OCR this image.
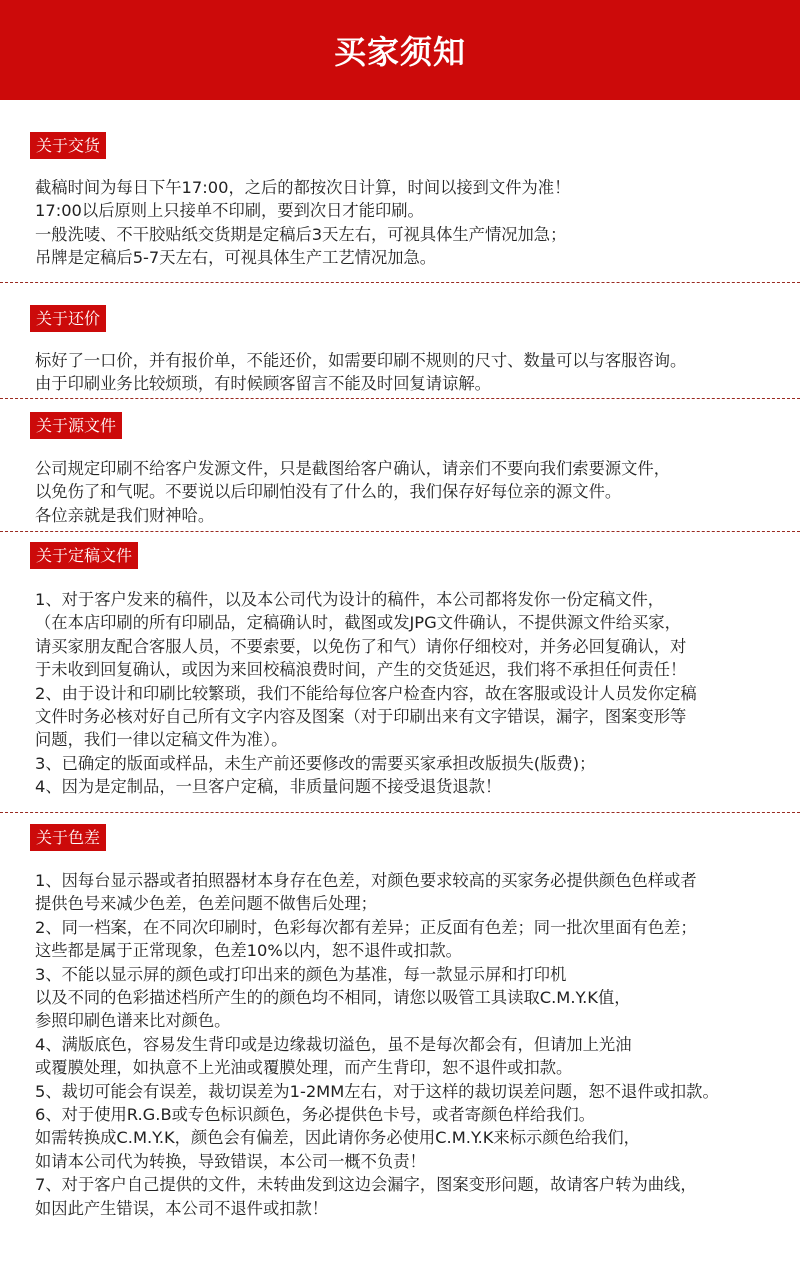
买家须知
关于交货
截稿时间为每日下午17:00，之后的都按次日计算，时间以接到文件为准！
17:00以后原则上只接单不印刷，要到次日才能印刷。
一般洗唛、不干胶贴纸交货期是定稿后3天左右，可视具体生产情况加急；
吊牌是定稿后5-7天左右，可视具体生产工艺情况加急。
关于还价
标好了一口价，并有报价单，不能还价，如需要印刷不规则的尺寸、数量可以与客服咨询。
由于印刷业务比较烦琐，有时候顾客留言不能及时回复请谅解。
关于源文件
公司规定印刷不给客户发源文件，只是截图给客户确认，请亲们不要向我们索要源文件，
以免伤了和气呢。不要说以后印刷怕没有了什么的，我们保存好每位亲的源文件。
各位亲就是我们财神哈。
关于定稿文件
1、对于客户发来的稿件，以及本公司代为设计的稿件，本公司都将发你一份定稿文件，
（在本店印刷的所有印刷品，定稿确认时，截图或发JPG文件确认，不提供源文件给买家，
请买家朋友配合客服人员，不要索要，以免伤了和气）请你仔细校对，并务必回复确认，对
于未收到回复确认，或因为来回校稿浪费时间，产生的交货延迟，我们将不承担任何责任！
2、由于设计和印刷比较繁琐，我们不能给每位客户检查内容，故在客服或设计人员发你定稿
文件时务必核对好自己所有文字内容及图案（对于印刷出来有文字错误，漏字，图案变形等
问题，我们一律以定稿文件为准）。
3、已确定的版面或样品，未生产前还要修改的需要买家承担改版损失(版费)；
4、因为是定制品，一旦客户定稿，非质量问题不接受退货退款！
关于色差
1、因每台显示器或者拍照器材本身存在色差，对颜色要求较高的买家务必提供颜色色样或者
提供色号来减少色差，色差问题不做售后处理；
2、同一档案，在不同次印刷时，色彩每次都有差异；正反面有色差；同一批次里面有色差；
这些都是属于正常现象，色差10%以内，恕不退件或扣款。
3、不能以显示屏的颜色或打印出来的颜色为基准，每一款显示屏和打印机
以及不同的色彩描述档所产生的的颜色均不相同，请您以吸管工具读取C.M.Y.K值，
参照印刷色谱来比对颜色。
4、满版底色，容易发生背印或是边缘裁切溢色，虽不是每次都会有，但请加上光油
或覆膜处理，如执意不上光油或覆膜处理，而产生背印，恕不退件或扣款。
5、裁切可能会有误差，裁切误差为1-2MM左右，对于这样的裁切误差问题，恕不退件或扣款。
6、对于使用R.G.B或专色标识颜色，务必提供色卡号，或者寄颜色样给我们。
如需转换成C.M.Y.K，颜色会有偏差，因此请你务必使用C.M.Y.K来标示颜色给我们，
如请本公司代为转换，导致错误，本公司一概不负责！
7、对于客户自己提供的文件，未转曲发到这边会漏字，图案变形问题，故请客户转为曲线，
如因此产生错误，本公司不退件或扣款！
